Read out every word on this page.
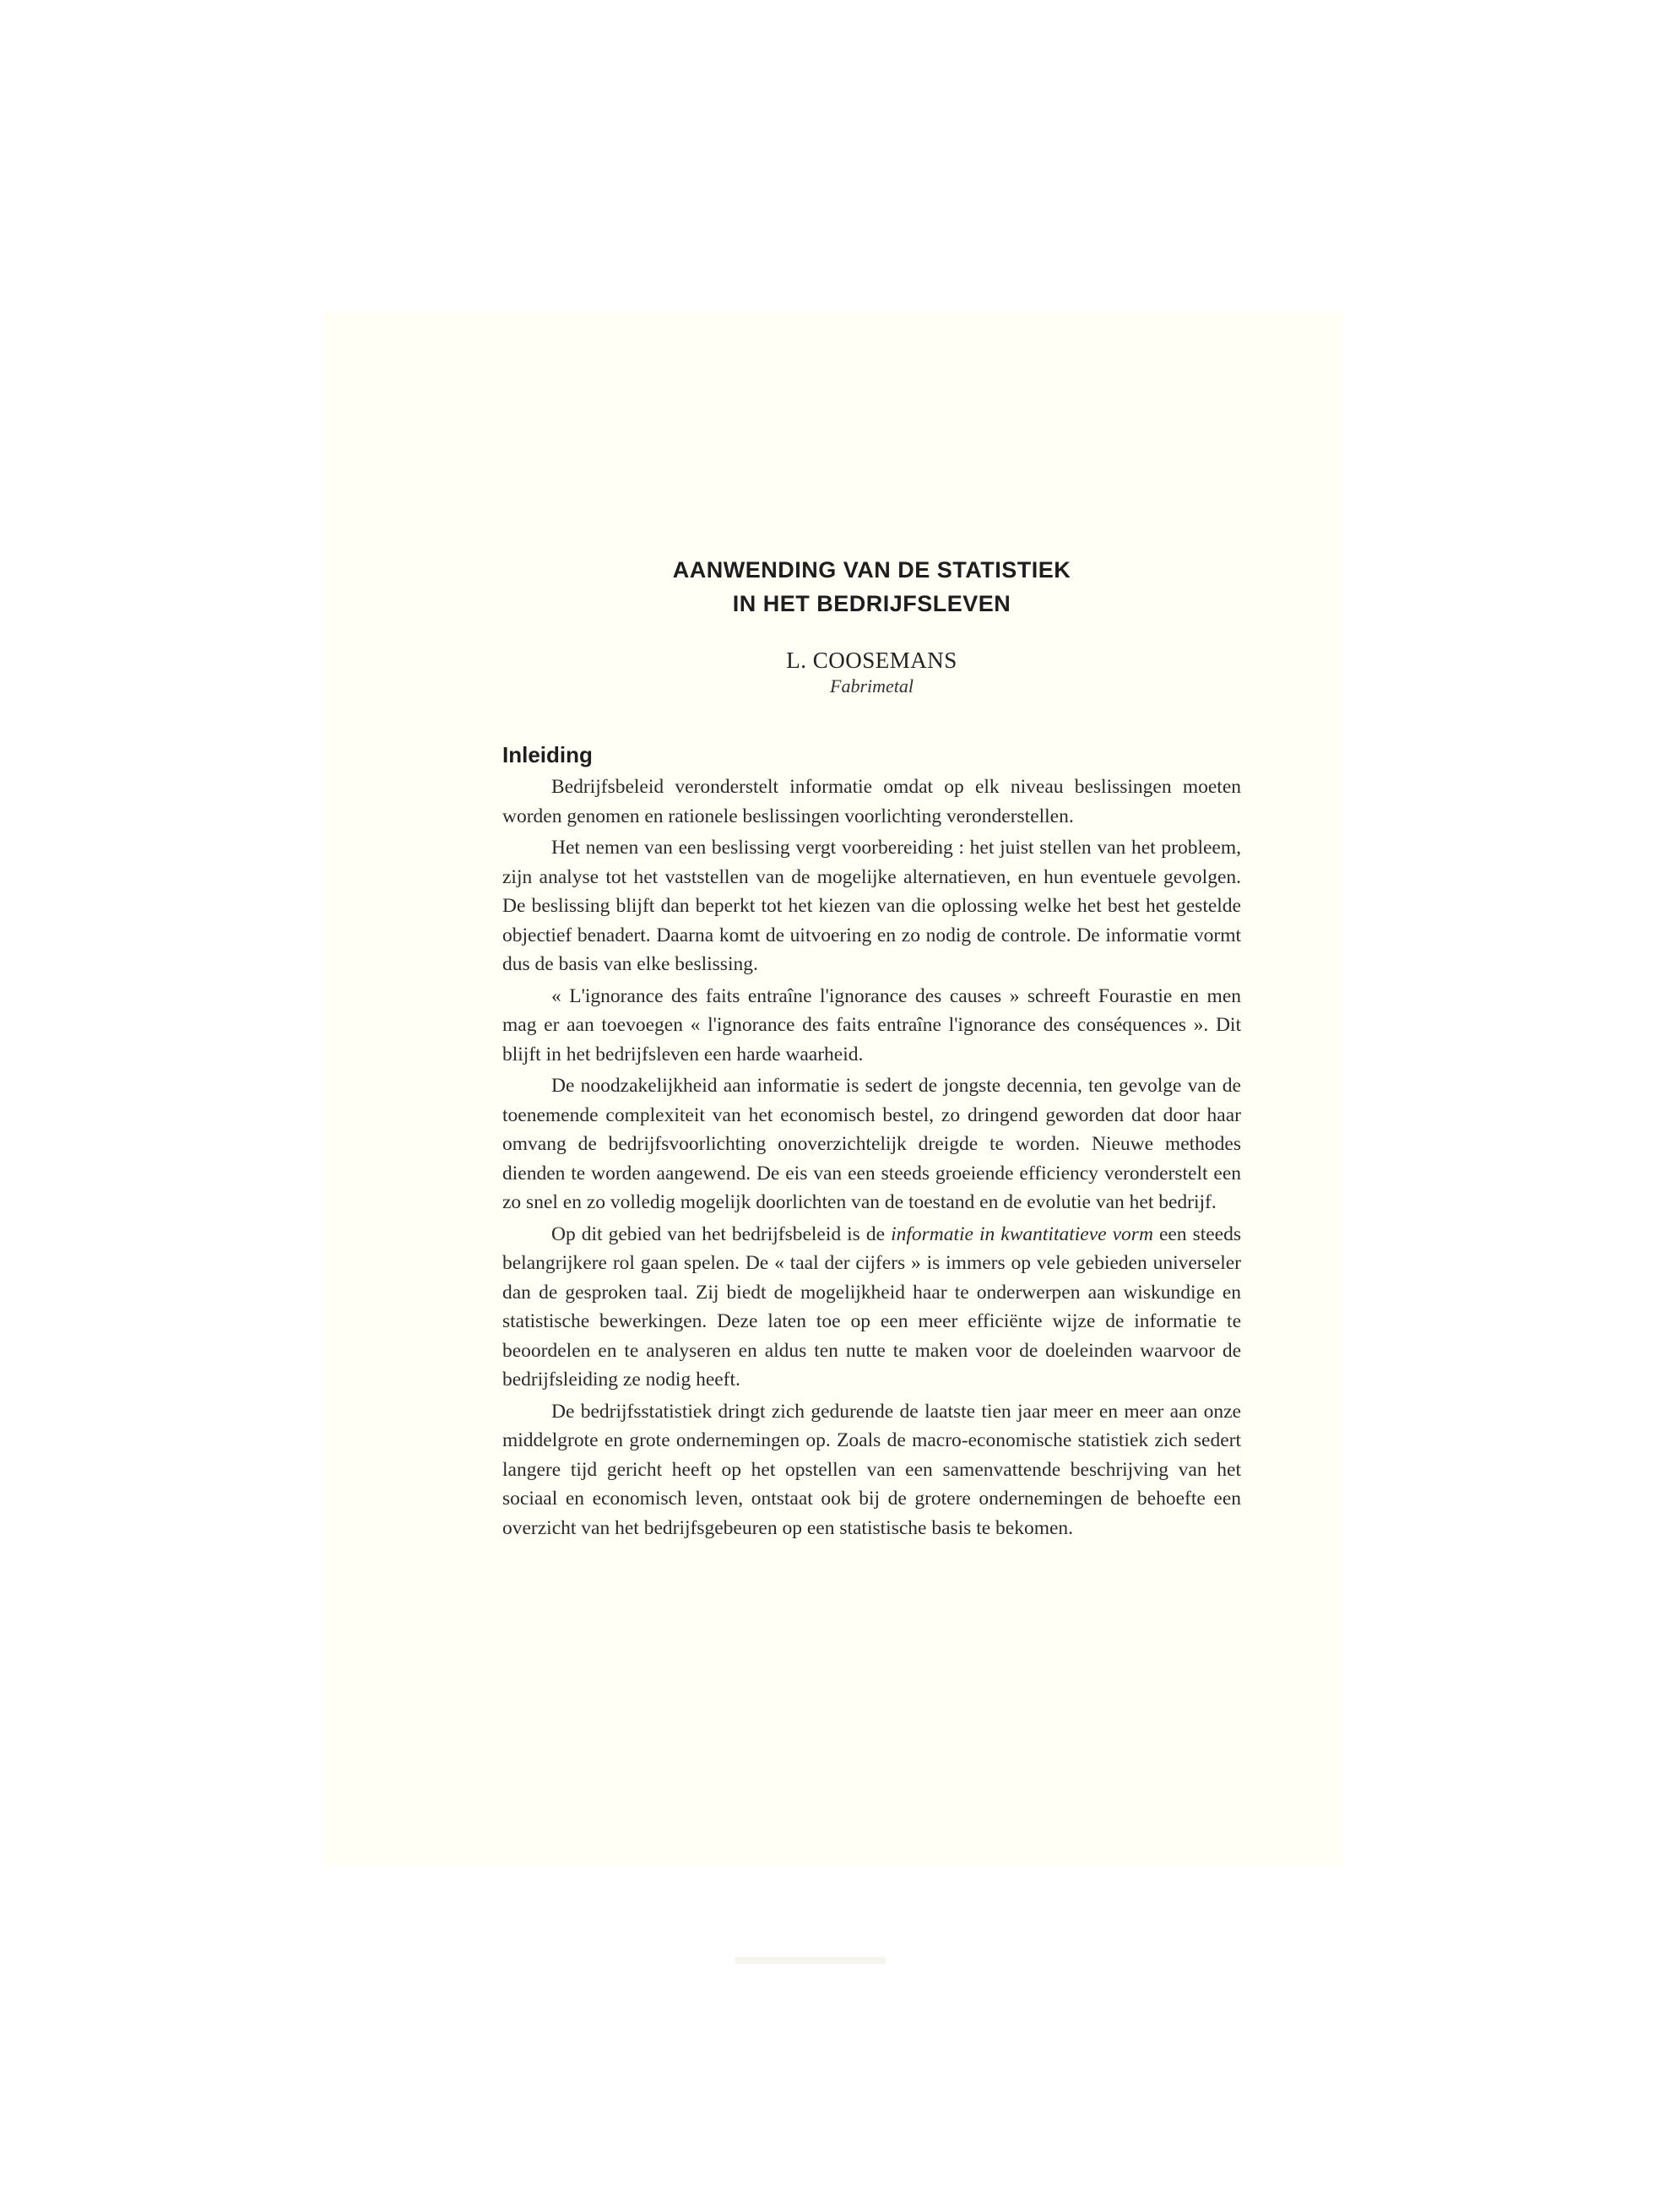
AANWENDING VAN DE STATISTIEK
IN HET BEDRIJFSLEVEN
L. COOSEMANS
Fabrimetal
Inleiding

Bedrijfsbeleid veronderstelt informatie omdat op elk niveau beslissingen moeten worden genomen en rationele beslissingen voorlichting veronderstellen.

Het nemen van een beslissing vergt voorbereiding : het juist stellen van het probleem, zijn analyse tot het vaststellen van de mogelijke alternatieven, en hun eventuele gevolgen. De beslissing blijft dan beperkt tot het kiezen van die oplossing welke het best het gestelde objectief benadert. Daarna komt de uitvoering en zo nodig de controle. De informatie vormt dus de basis van elke beslissing.

« L'ignorance des faits entraîne l'ignorance des causes » schreeft Fourastie en men mag er aan toevoegen « l'ignorance des faits entraîne l'ignorance des conséquences ». Dit blijft in het bedrijfsleven een harde waarheid.

De noodzakelijkheid aan informatie is sedert de jongste decennia, ten gevolge van de toenemende complexiteit van het economisch bestel, zo dringend geworden dat door haar omvang de bedrijfsvoorlichting onoverzichtelijk dreigde te worden. Nieuwe methodes dienden te worden aangewend. De eis van een steeds groeiende efficiency veronderstelt een zo snel en zo volledig mogelijk doorlichten van de toestand en de evolutie van het bedrijf.

Op dit gebied van het bedrijfsbeleid is de informatie in kwantitatieve vorm een steeds belangrijkere rol gaan spelen. De « taal der cijfers » is immers op vele gebieden universeler dan de gesproken taal. Zij biedt de mogelijkheid haar te onderwerpen aan wiskundige en statistische bewerkingen. Deze laten toe op een meer efficiënte wijze de informatie te beoordelen en te analyseren en aldus ten nutte te maken voor de doeleinden waarvoor de bedrijfsleiding ze nodig heeft.

De bedrijfsstatistiek dringt zich gedurende de laatste tien jaar meer en meer aan onze middelgrote en grote ondernemingen op. Zoals de macro-economische statistiek zich sedert langere tijd gericht heeft op het opstellen van een samenvattende beschrijving van het sociaal en economisch leven, ontstaat ook bij de grotere ondernemingen de behoefte een overzicht van het bedrijfsgebeuren op een statistische basis te bekomen.
